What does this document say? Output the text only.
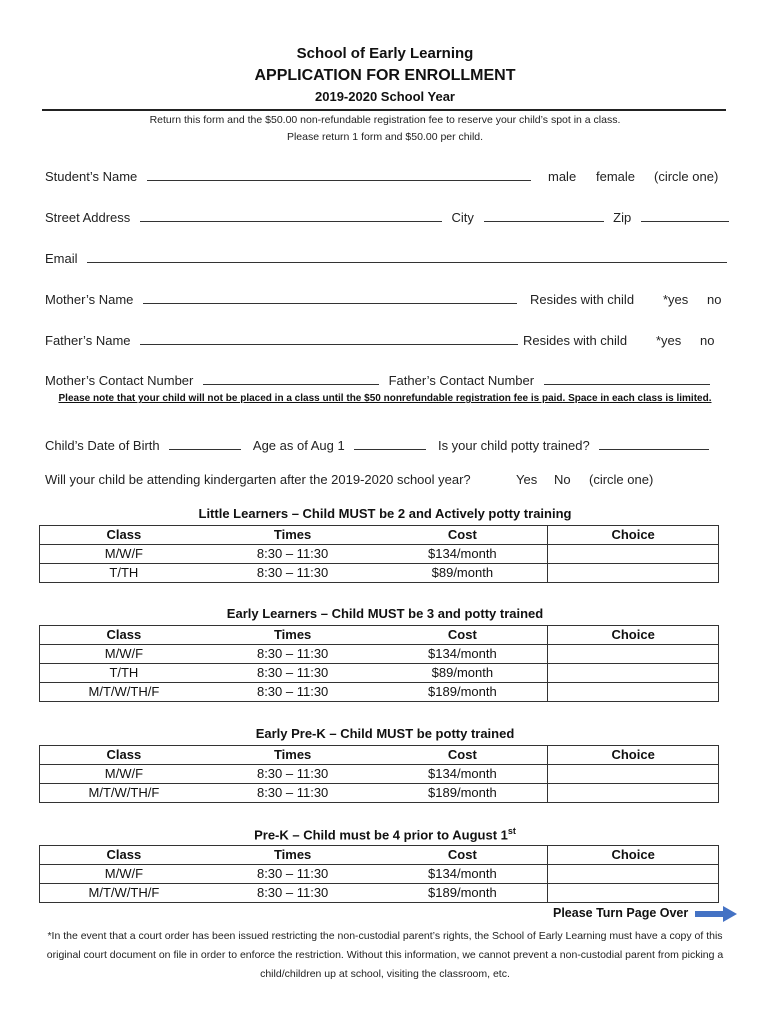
School of Early Learning
APPLICATION FOR ENROLLMENT
2019-2020 School Year
Return this form and the $50.00 non-refundable registration fee to reserve your child’s spot in a class.
Please return 1 form and $50.00 per child.
Student’s Name	male female (circle one)
Street Address	City	Zip
Email
Mother’s Name	Resides with child *yes no
Father’s Name	Resides with child *yes no
Mother’s Contact Number	Father’s Contact Number
Please note that your child will not be placed in a class until the $50 nonrefundable registration fee is paid. Space in each class is limited.
Child’s Date of Birth	Age as of Aug 1	Is your child potty trained?
Will your child be attending kindergarten after the 2019-2020 school year?	Yes No (circle one)
Little Learners – Child MUST be 2 and Actively potty training
Class	Times	Cost	Choice
M/W/F	8:30 – 11:30	$134/month	
T/TH	8:30 – 11:30	$89/month	
Early Learners – Child MUST be 3 and potty trained
Class	Times	Cost	Choice
M/W/F	8:30 – 11:30	$134/month	
T/TH	8:30 – 11:30	$89/month	
M/T/W/TH/F	8:30 – 11:30	$189/month	
Early Pre-K – Child MUST be potty trained
Class	Times	Cost	Choice
M/W/F	8:30 – 11:30	$134/month	
M/T/W/TH/F	8:30 – 11:30	$189/month	
Pre-K – Child must be 4 prior to August 1st
Class	Times	Cost	Choice
M/W/F	8:30 – 11:30	$134/month	
M/T/W/TH/F	8:30 – 11:30	$189/month	
Please Turn Page Over
*In the event that a court order has been issued restricting the non-custodial parent’s rights, the School of Early Learning must have a copy of this original court document on file in order to enforce the restriction. Without this information, we cannot prevent a non-custodial parent from picking a child/children up at school, visiting the classroom, etc.
